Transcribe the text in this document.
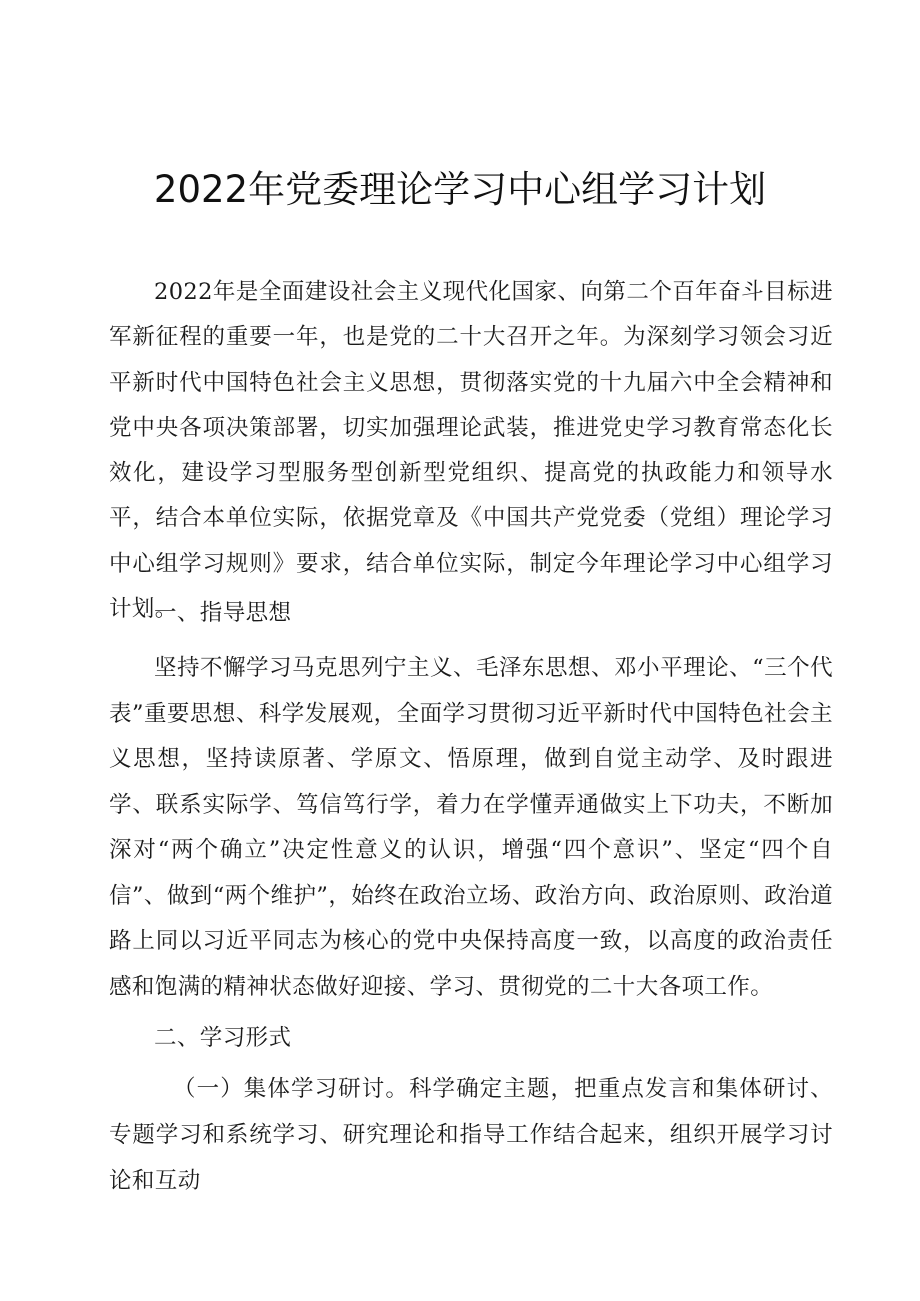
2022年党委理论学习中心组学习计划
2022年是全面建设社会主义现代化国家、向第二个百年奋斗目标进军新征程的重要一年，也是党的二十大召开之年。为深刻学习领会习近平新时代中国特色社会主义思想，贯彻落实党的十九届六中全会精神和党中央各项决策部署，切实加强理论武装，推进党史学习教育常态化长效化，建设学习型服务型创新型党组织、提高党的执政能力和领导水平，结合本单位实际，依据党章及《中国共产党党委（党组）理论学习中心组学习规则》要求，结合单位实际，制定今年理论学习中心组学习计划。
一、指导思想
坚持不懈学习马克思列宁主义、毛泽东思想、邓小平理论、“三个代表”重要思想、科学发展观，全面学习贯彻习近平新时代中国特色社会主义思想，坚持读原著、学原文、悟原理，做到自觉主动学、及时跟进学、联系实际学、笃信笃行学，着力在学懂弄通做实上下功夫，不断加深对“两个确立”决定性意义的认识，增强“四个意识”、坚定“四个自信”、做到“两个维护”，始终在政治立场、政治方向、政治原则、政治道路上同以习近平同志为核心的党中央保持高度一致，以高度的政治责任感和饱满的精神状态做好迎接、学习、贯彻党的二十大各项工作。
二、学习形式
（一）集体学习研讨。科学确定主题，把重点发言和集体研讨、专题学习和系统学习、研究理论和指导工作结合起来，组织开展学习讨论和互动
